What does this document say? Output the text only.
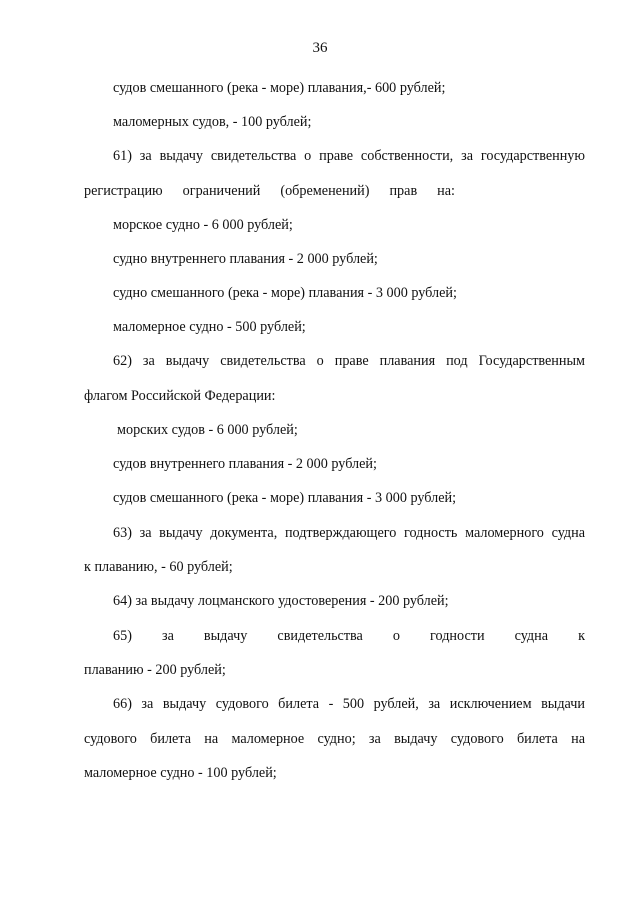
36
судов смешанного (река - море) плавания,- 600 рублей;
маломерных судов, - 100 рублей;
61) за выдачу свидетельства о праве собственности, за государственную
регистрацию ограничений (обременений) прав на:
морское судно - 6 000 рублей;
судно внутреннего плавания - 2 000 рублей;
судно смешанного (река - море) плавания - 3 000 рублей;
маломерное судно - 500 рублей;
62) за выдачу свидетельства о праве плавания под Государственным
флагом Российской Федерации:
морских судов - 6 000 рублей;
судов внутреннего плавания - 2 000 рублей;
судов смешанного (река - море) плавания - 3 000 рублей;
63) за выдачу документа, подтверждающего годность маломерного судна
к плаванию, - 60 рублей;
64) за выдачу лоцманского удостоверения - 200 рублей;
65) за выдачу свидетельства о годности судна к
плаванию - 200 рублей;
66) за выдачу судового билета - 500 рублей, за исключением выдачи
судового билета на маломерное судно; за выдачу судового билета на
маломерное судно - 100 рублей;
